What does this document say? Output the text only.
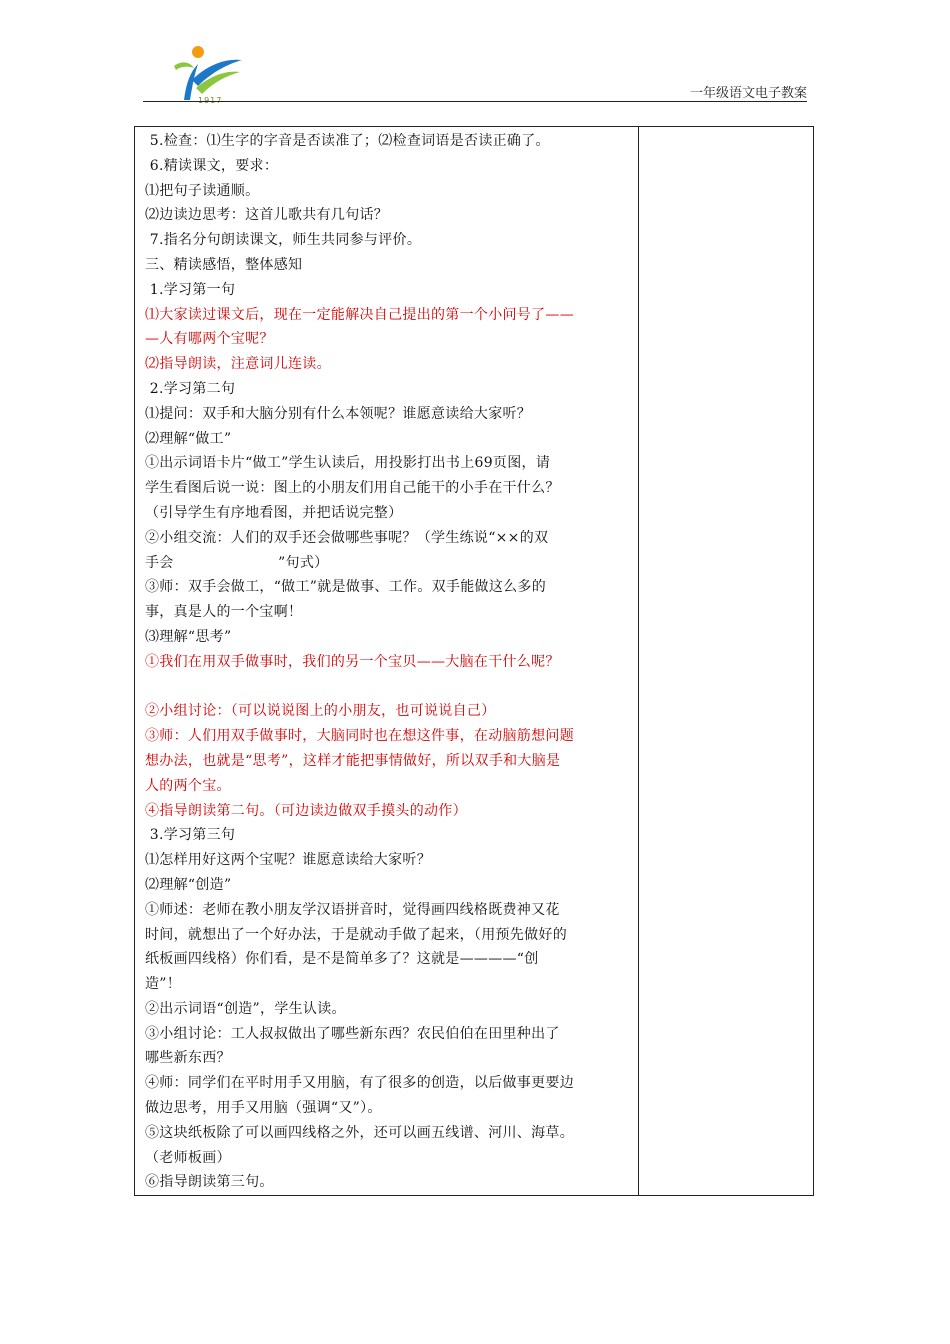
1917	一年级语文电子教案
5.检查：⑴生字的字音是否读准了；⑵检查词语是否读正确了。
6.精读课文，要求：
⑴把句子读通顺。
⑵边读边思考：这首儿歌共有几句话？
7.指名分句朗读课文，师生共同参与评价。
三、精读感悟，整体感知
1.学习第一句
⑴大家读过课文后，现在一定能解决自己提出的第一个小问号了——
—人有哪两个宝呢？
⑵指导朗读，注意词儿连读。
2.学习第二句
⑴提问：双手和大脑分别有什么本领呢？谁愿意读给大家听？
⑵理解“做工”
①出示词语卡片“做工”学生认读后，用投影打出书上69页图，请
学生看图后说一说：图上的小朋友们用自己能干的小手在干什么？
（引导学生有序地看图，并把话说完整）
②小组交流：人们的双手还会做哪些事呢？（学生练说“××的双
手会                      ”句式）
③师：双手会做工，“做工”就是做事、工作。双手能做这么多的
事，真是人的一个宝啊！
⑶理解“思考”
①我们在用双手做事时，我们的另一个宝贝——大脑在干什么呢？
②小组讨论：（可以说说图上的小朋友，也可说说自己）
③师：人们用双手做事时，大脑同时也在想这件事，在动脑筋想问题
想办法，也就是“思考”，这样才能把事情做好，所以双手和大脑是
人的两个宝。
④指导朗读第二句。（可边读边做双手摸头的动作）
3.学习第三句
⑴怎样用好这两个宝呢？谁愿意读给大家听？
⑵理解“创造”
①师述：老师在教小朋友学汉语拼音时，觉得画四线格既费神又花
时间，就想出了一个好办法，于是就动手做了起来，（用预先做好的
纸板画四线格）你们看，是不是简单多了？这就是————“创
造”！
②出示词语“创造”，学生认读。
③小组讨论：工人叔叔做出了哪些新东西？农民伯伯在田里种出了
哪些新东西？
④师：同学们在平时用手又用脑，有了很多的创造，以后做事更要边
做边思考，用手又用脑（强调“又”）。
⑤这块纸板除了可以画四线格之外，还可以画五线谱、河川、海草。
（老师板画）
⑥指导朗读第三句。
